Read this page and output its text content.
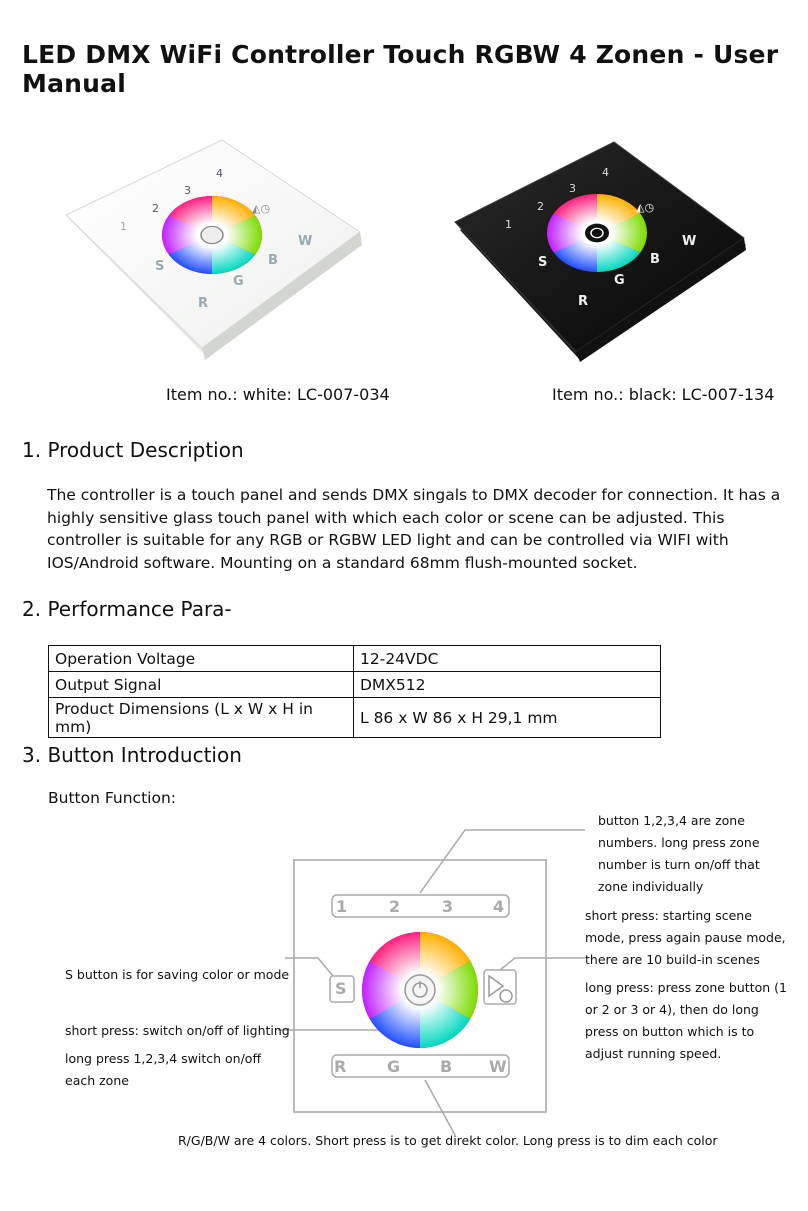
LED DMX WiFi Controller Touch RGBW 4 Zonen - User Manual
1
2
3
4
S
R
G
B
W
◭◷
1
2
3
4
S
R
G
B
W
◭◷
Item no.: white: LC-007-034	Item no.: black: LC-007-134
1. Product Description
The controller is a touch panel and sends DMX singals to DMX decoder for connection. It has a highly sensitive glass touch panel with which each color or scene can be adjusted. This controller is suitable for any RGB or RGBW LED light and can be controlled via WIFI with IOS/Android software. Mounting on a standard 68mm flush-mounted socket.
2. Performance Para-
Operation Voltage	12-24VDC
Output Signal	DMX512
Product Dimensions (L x W x H in mm)	L 86 x W 86 x H 29,1 mm
3. Button Introduction
Button Function:
1	2	3 4
S
R	G B W
button 1,2,3,4 are zone numbers. long press zone number is turn on/off that zone individually
short press: starting scene mode, press again pause mode, there are 10 build-in scenes
long press: press zone button (1 or 2 or 3 or 4), then do long press on button which is to adjust running speed.
S button is for saving color or mode
short press: switch on/off of lighting
long press 1,2,3,4 switch on/off each zone
R/G/B/W are 4 colors. Short press is to get direkt color. Long press is to dim each color
